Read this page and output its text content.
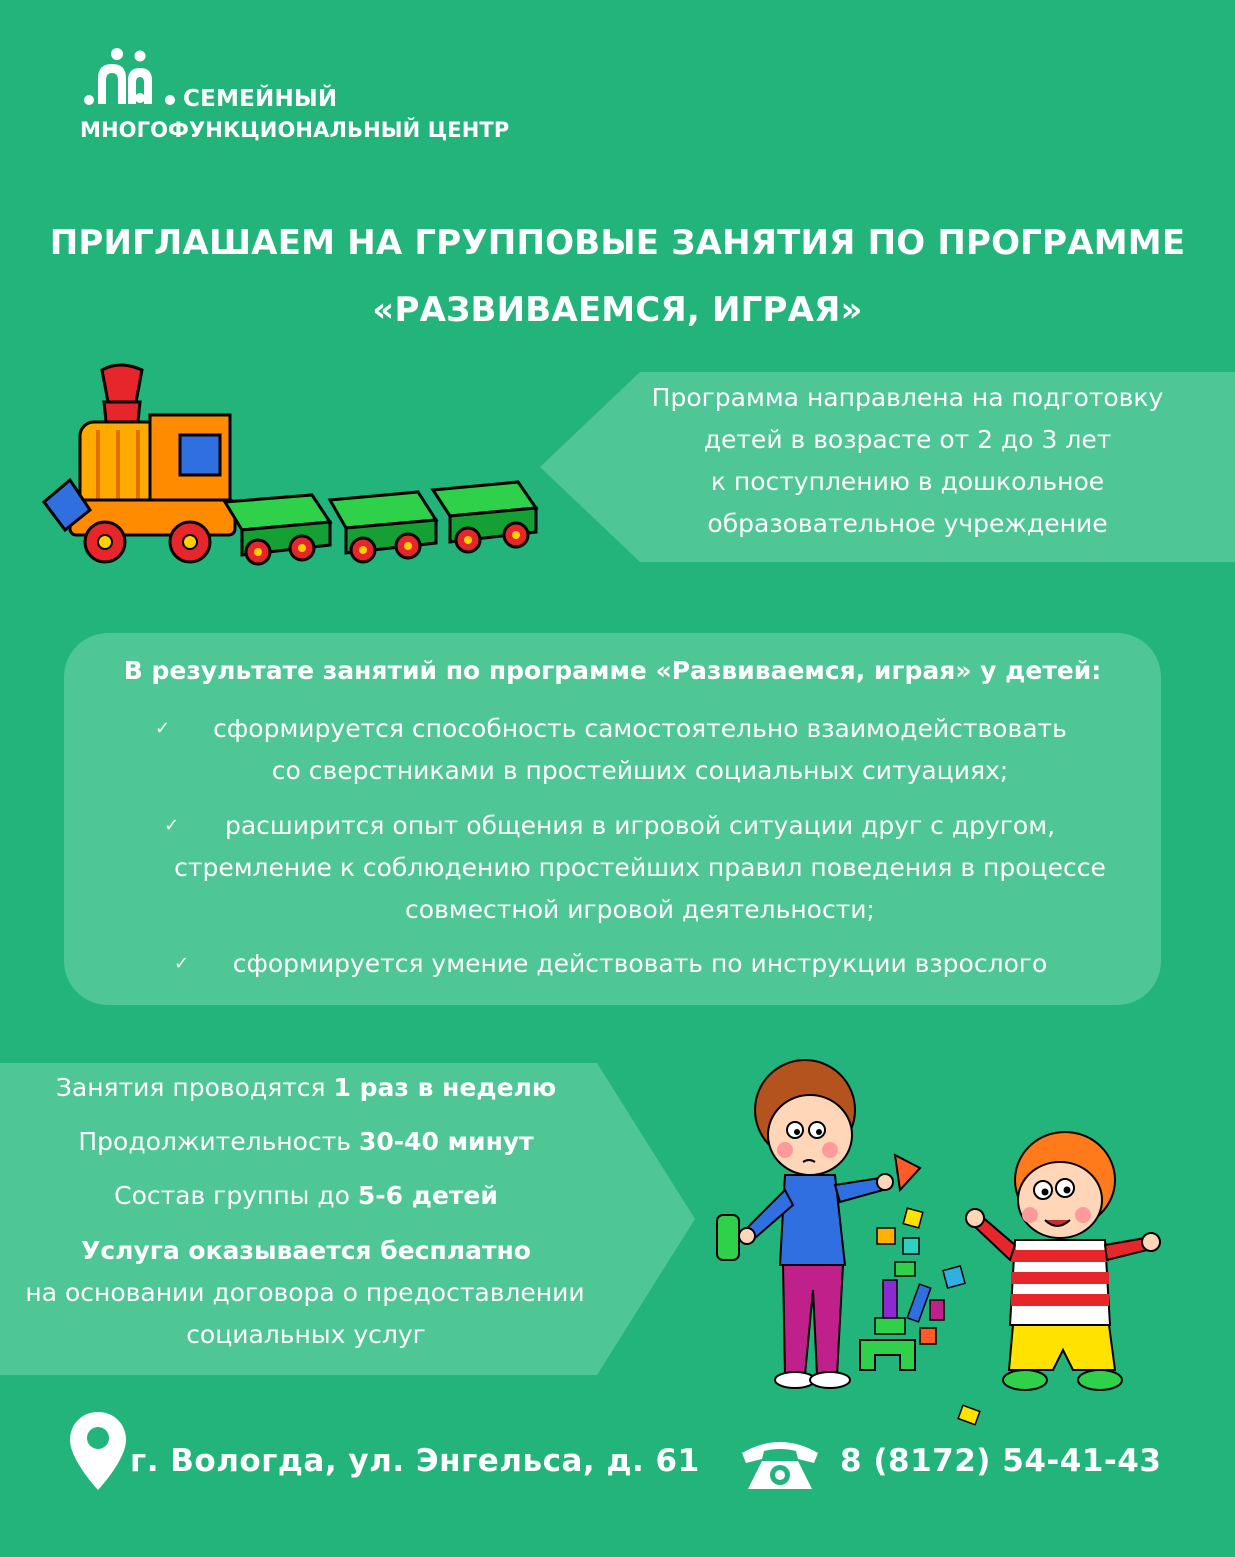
СЕМЕЙНЫЙ
МНОГОФУНКЦИОНАЛЬНЫЙ ЦЕНТР
ПРИГЛАШАЕМ НА ГРУППОВЫЕ ЗАНЯТИЯ ПО ПРОГРАММЕ
«РАЗВИВАЕМСЯ, ИГРАЯ»
Программа направлена на подготовку
детей в возрасте от 2 до 3 лет
к поступлению в дошкольное
образовательное учреждение
В результате занятий по программе «Развиваемся, играя» у детей:
✓	сформируется способность самостоятельно взаимодействовать
со сверстниками в простейших социальных ситуациях;
✓	расширится опыт общения в игровой ситуации друг с другом,
стремление к соблюдению простейших правил поведения в процессе
совместной игровой деятельности;
✓	сформируется умение действовать по инструкции взрослого
Занятия проводятся 1 раз в неделю
Продолжительность 30-40 минут
Состав группы до 5-6 детей
Услуга оказывается бесплатно
на основании договора о предоставлении
социальных услуг
г. Вологда, ул. Энгельса, д. 61	8 (8172) 54-41-43
